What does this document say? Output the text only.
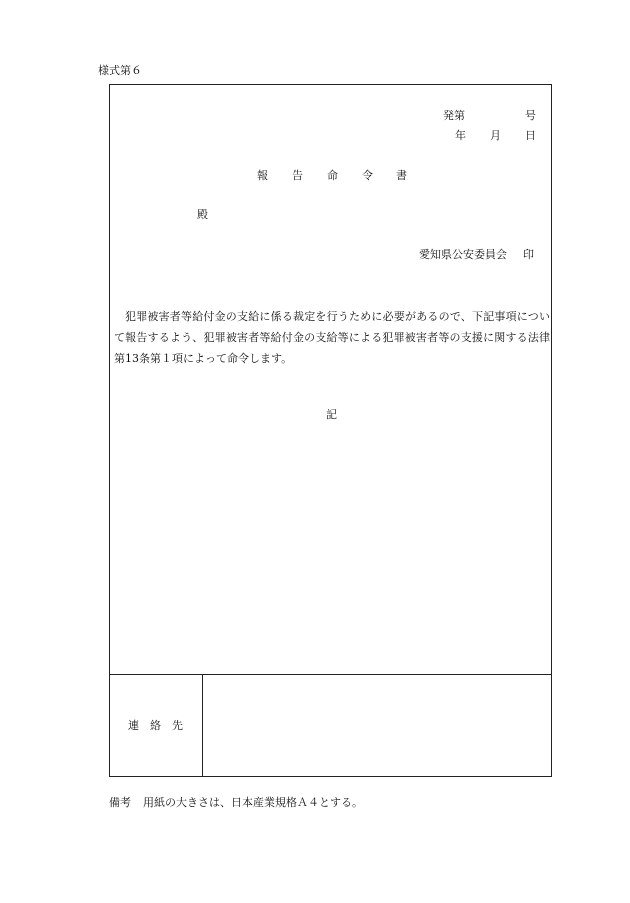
様式第６
発第	号
年 月 日
報 告 命 令 書
殿
愛知県公安委員会 印
犯罪被害者等給付金の支給に係る裁定を行うために必要があるので、下記事項について報告するよう、犯罪被害者等給付金の支給等による犯罪被害者等の支援に関する法律第13条第１項によって命令します。
記
連 絡 先
備考 用紙の大きさは、日本産業規格Ａ４とする。
